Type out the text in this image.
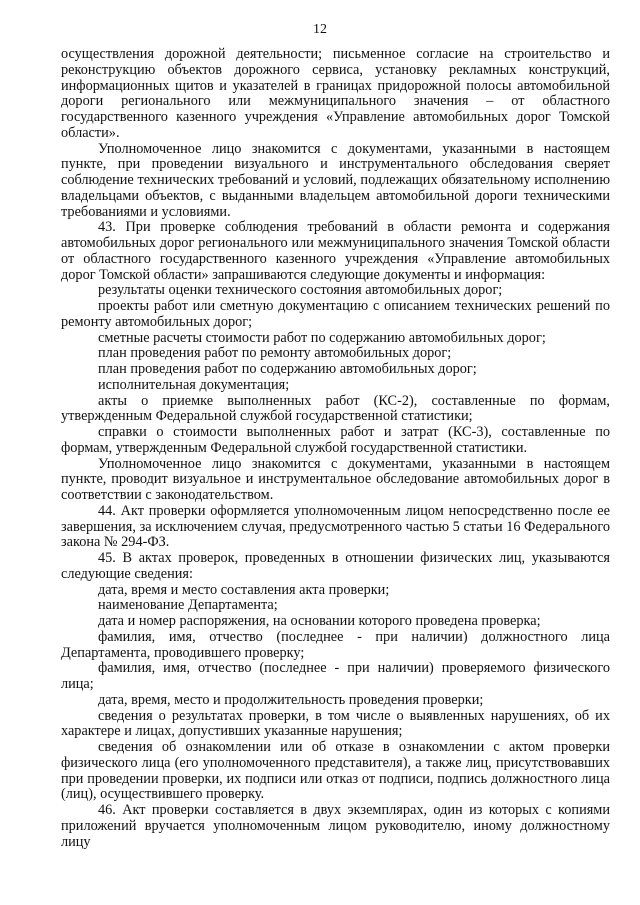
12

осуществления дорожной деятельности; письменное согласие на строительство и реконструкцию объектов дорожного сервиса, установку рекламных конструкций, информационных щитов и указателей в границах придорожной полосы автомобильной дороги регионального или межмуниципального значения – от областного государственного казенного учреждения «Управление автомобильных дорог Томской области».

Уполномоченное лицо знакомится с документами, указанными в настоящем пункте, при проведении визуального и инструментального обследования сверяет соблюдение технических требований и условий, подлежащих обязательному исполнению владельцами объектов, с выданными владельцем автомобильной дороги техническими требованиями и условиями.

43. При проверке соблюдения требований в области ремонта и содержания автомобильных дорог регионального или межмуниципального значения Томской области от областного государственного казенного учреждения «Управление автомобильных дорог Томской области» запрашиваются следующие документы и информация:

результаты оценки технического состояния автомобильных дорог;

проекты работ или сметную документацию с описанием технических решений по ремонту автомобильных дорог;

сметные расчеты стоимости работ по содержанию автомобильных дорог;

план проведения работ по ремонту автомобильных дорог;

план проведения работ по содержанию автомобильных дорог;

исполнительная документация;

акты о приемке выполненных работ (КС-2), составленные по формам, утвержденным Федеральной службой государственной статистики;

справки о стоимости выполненных работ и затрат (КС-3), составленные по формам, утвержденным Федеральной службой государственной статистики.

Уполномоченное лицо знакомится с документами, указанными в настоящем пункте, проводит визуальное и инструментальное обследование автомобильных дорог в соответствии с законодательством.

44. Акт проверки оформляется уполномоченным лицом непосредственно после ее завершения, за исключением случая, предусмотренного частью 5 статьи 16 Федерального закона № 294-ФЗ.

45. В актах проверок, проведенных в отношении физических лиц, указываются следующие сведения:

дата, время и место составления акта проверки;

наименование Департамента;

дата и номер распоряжения, на основании которого проведена проверка;

фамилия, имя, отчество (последнее - при наличии) должностного лица Департамента, проводившего проверку;

фамилия, имя, отчество (последнее - при наличии) проверяемого физического лица;

дата, время, место и продолжительность проведения проверки;

сведения о результатах проверки, в том числе о выявленных нарушениях, об их характере и лицах, допустивших указанные нарушения;

сведения об ознакомлении или об отказе в ознакомлении с актом проверки физического лица (его уполномоченного представителя), а также лиц, присутствовавших при проведении проверки, их подписи или отказ от подписи, подпись должностного лица (лиц), осуществившего проверку.

46. Акт проверки составляется в двух экземплярах, один из которых с копиями приложений вручается уполномоченным лицом руководителю, иному должностному лицу
